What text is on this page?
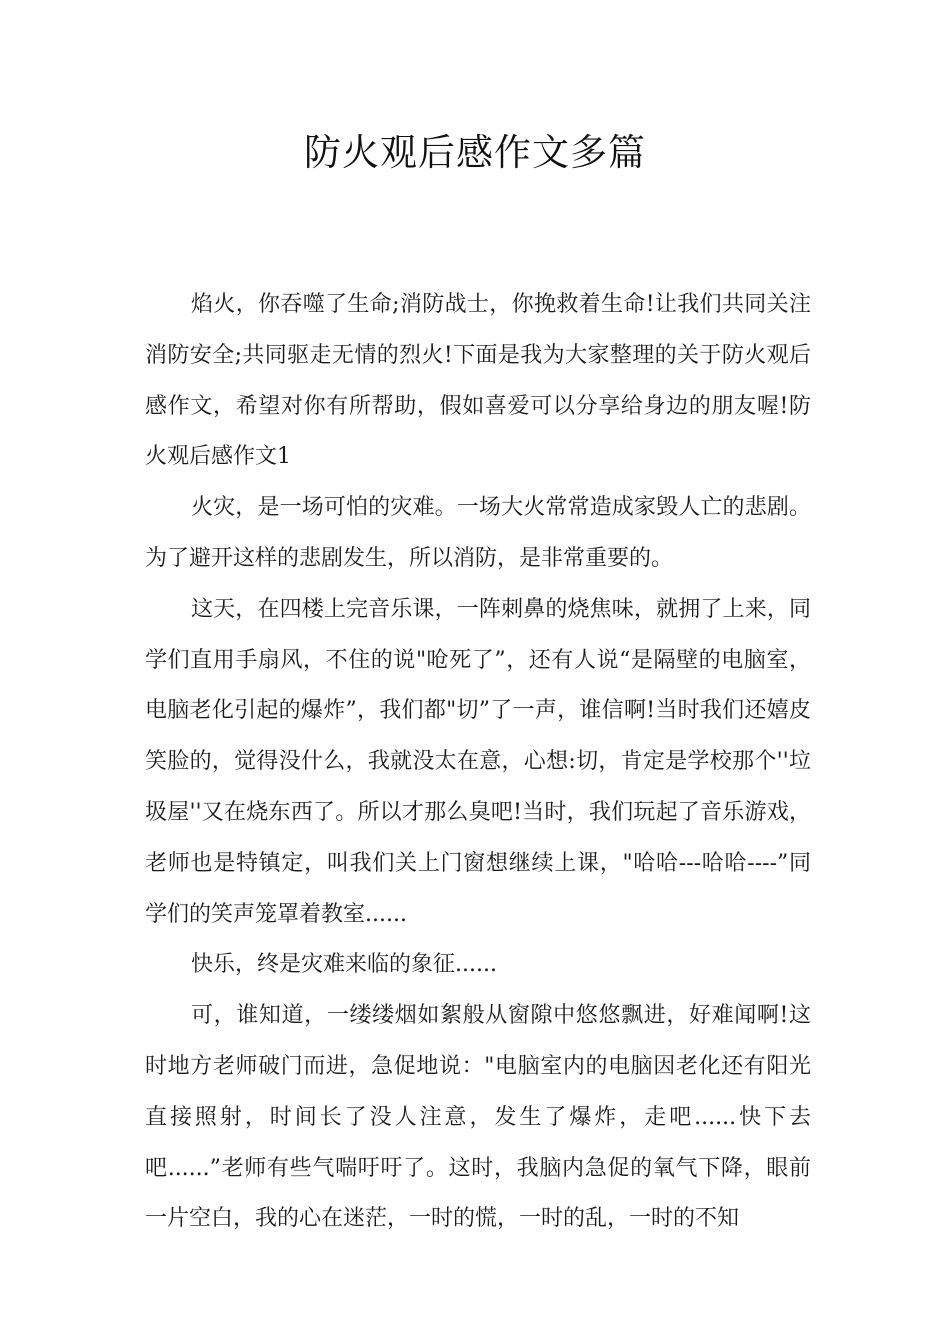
防火观后感作文多篇

焰火，你吞噬了生命;消防战士，你挽救着生命!让我们共同关注消防安全;共同驱走无情的烈火!下面是我为大家整理的关于防火观后感作文，希望对你有所帮助，假如喜爱可以分享给身边的朋友喔!防火观后感作文1

火灾，是一场可怕的灾难。一场大火常常造成家毁人亡的悲剧。为了避开这样的悲剧发生，所以消防，是非常重要的。

这天，在四楼上完音乐课，一阵刺鼻的烧焦味，就拥了上来，同学们直用手扇风，不住的说"呛死了”，还有人说“是隔壁的电脑室，电脑老化引起的爆炸”，我们都"切”了一声，谁信啊!当时我们还嬉皮笑脸的，觉得没什么，我就没太在意，心想:切，肯定是学校那个''垃圾屋''又在烧东西了。所以才那么臭吧!当时，我们玩起了音乐游戏，老师也是特镇定，叫我们关上门窗想继续上课，"哈哈---哈哈----”同学们的笑声笼罩着教室......

快乐，终是灾难来临的象征......

可，谁知道，一缕缕烟如絮般从窗隙中悠悠飘进，好难闻啊!这时地方老师破门而进，急促地说："电脑室内的电脑因老化还有阳光直接照射，时间长了没人注意，发生了爆炸，走吧......快下去吧......”老师有些气喘吁吁了。这时，我脑内急促的氧气下降，眼前一片空白，我的心在迷茫，一时的慌，一时的乱，一时的不知
